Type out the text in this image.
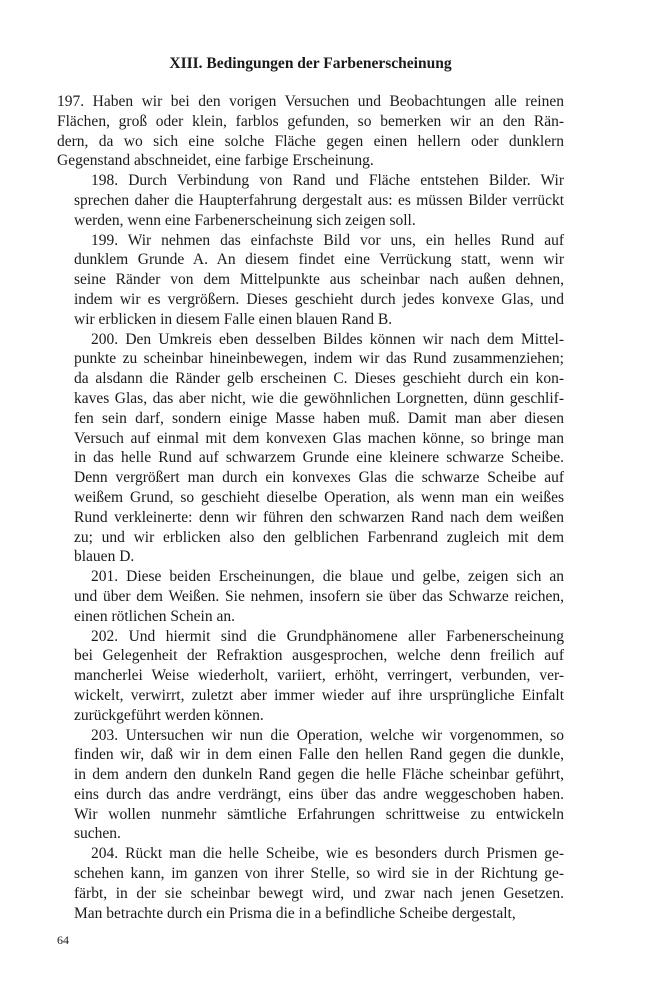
XIII. Bedingungen der Farbenerscheinung
197. Haben wir bei den vorigen Versuchen und Beobachtungen alle reinen
Flächen, groß oder klein, farblos gefunden, so bemerken wir an den Rän-
dern, da wo sich eine solche Fläche gegen einen hellern oder dunklern
Gegenstand abschneidet, eine farbige Erscheinung.
198. Durch Verbindung von Rand und Fläche entstehen Bilder. Wir
sprechen daher die Haupterfahrung dergestalt aus: es müssen Bilder verrückt
werden, wenn eine Farbenerscheinung sich zeigen soll.
199. Wir nehmen das einfachste Bild vor uns, ein helles Rund auf
dunklem Grunde A. An diesem findet eine Verrückung statt, wenn wir
seine Ränder von dem Mittelpunkte aus scheinbar nach außen dehnen,
indem wir es vergrößern. Dieses geschieht durch jedes konvexe Glas, und
wir erblicken in diesem Falle einen blauen Rand B.
200. Den Umkreis eben desselben Bildes können wir nach dem Mittel-
punkte zu scheinbar hineinbewegen, indem wir das Rund zusammenziehen;
da alsdann die Ränder gelb erscheinen C. Dieses geschieht durch ein kon-
kaves Glas, das aber nicht, wie die gewöhnlichen Lorgnetten, dünn geschlif-
fen sein darf, sondern einige Masse haben muß. Damit man aber diesen
Versuch auf einmal mit dem konvexen Glas machen könne, so bringe man
in das helle Rund auf schwarzem Grunde eine kleinere schwarze Scheibe.
Denn vergrößert man durch ein konvexes Glas die schwarze Scheibe auf
weißem Grund, so geschieht dieselbe Operation, als wenn man ein weißes
Rund verkleinerte: denn wir führen den schwarzen Rand nach dem weißen
zu; und wir erblicken also den gelblichen Farbenrand zugleich mit dem
blauen D.
201. Diese beiden Erscheinungen, die blaue und gelbe, zeigen sich an
und über dem Weißen. Sie nehmen, insofern sie über das Schwarze reichen,
einen rötlichen Schein an.
202. Und hiermit sind die Grundphänomene aller Farbenerscheinung
bei Gelegenheit der Refraktion ausgesprochen, welche denn freilich auf
mancherlei Weise wiederholt, variiert, erhöht, verringert, verbunden, ver-
wickelt, verwirrt, zuletzt aber immer wieder auf ihre ursprüngliche Einfalt
zurückgeführt werden können.
203. Untersuchen wir nun die Operation, welche wir vorgenommen, so
finden wir, daß wir in dem einen Falle den hellen Rand gegen die dunkle,
in dem andern den dunkeln Rand gegen die helle Fläche scheinbar geführt,
eins durch das andre verdrängt, eins über das andre weggeschoben haben.
Wir wollen nunmehr sämtliche Erfahrungen schrittweise zu entwickeln
suchen.
204. Rückt man die helle Scheibe, wie es besonders durch Prismen ge-
schehen kann, im ganzen von ihrer Stelle, so wird sie in der Richtung ge-
färbt, in der sie scheinbar bewegt wird, und zwar nach jenen Gesetzen.
Man betrachte durch ein Prisma die in a befindliche Scheibe dergestalt,
64
